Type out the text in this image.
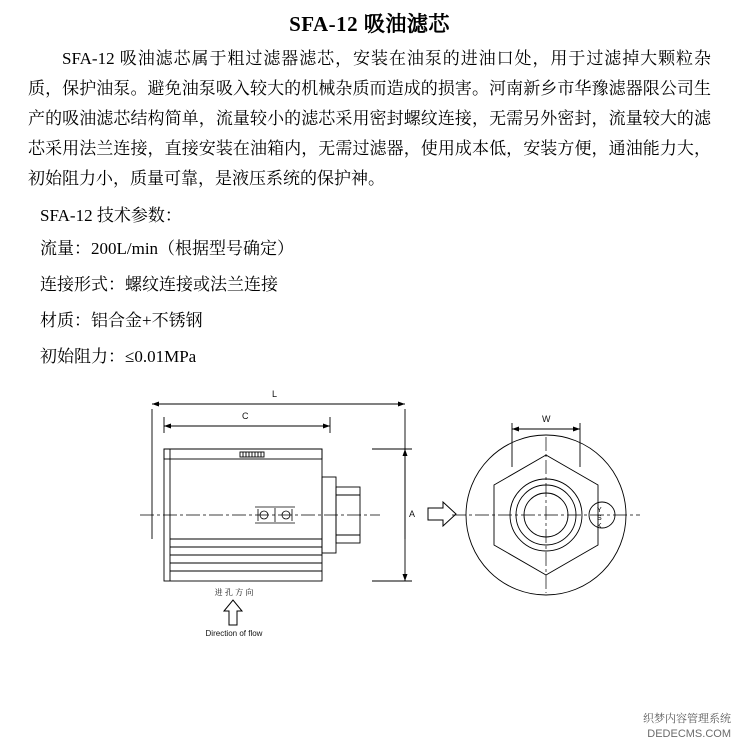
SFA-12 吸油滤芯
SFA-12 吸油滤芯属于粗过滤器滤芯，安装在油泵的进油口处，用于过滤掉大颗粒杂质，保护油泵。避免油泵吸入较大的机械杂质而造成的损害。河南新乡市华豫滤器限公司生产的吸油滤芯结构简单，流量较小的滤芯采用密封螺纹连接，无需另外密封，流量较大的滤芯采用法兰连接，直接安装在油箱内，无需过滤器，使用成本低，安装方便，通油能力大，初始阻力小，质量可靠，是液压系统的保护神。
SFA-12 技术参数：
流量：200L/min（根据型号确定）
连接形式：螺纹连接或法兰连接
材质：铝合金+不锈钢
初始阻力：≤0.01MPa
Y
S
K
L
C
A
W
进 孔 方 向
Direction of flow
织梦内容管理系统
DEDECMS.COM
